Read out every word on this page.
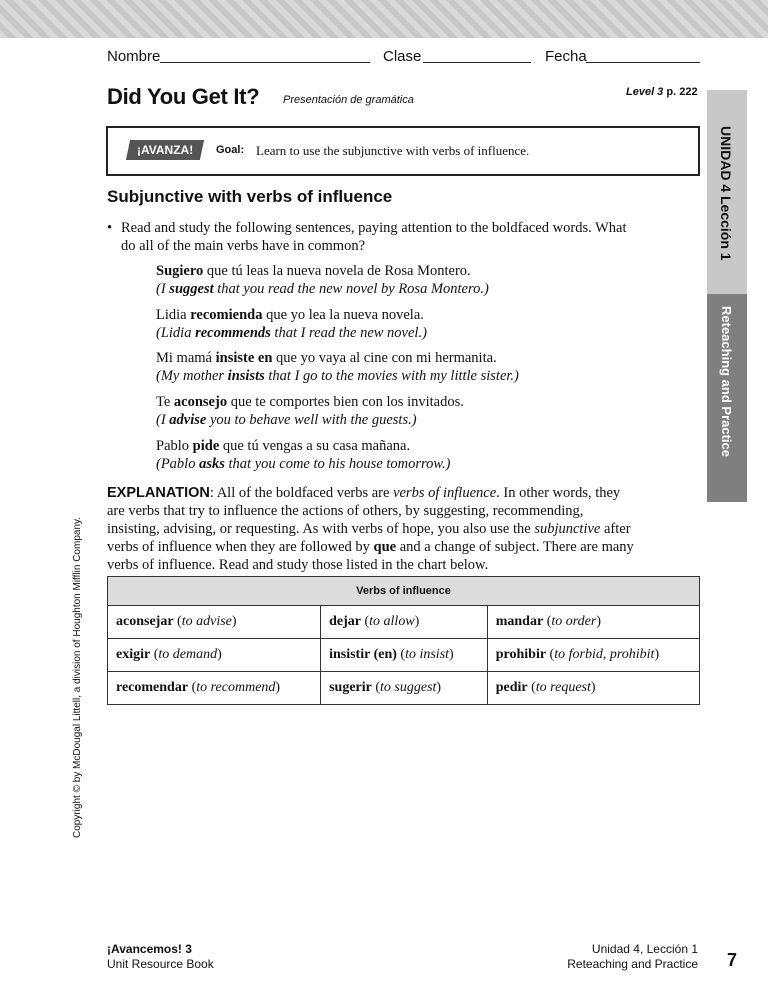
Nombre	Clase	Fecha
Did You Get It? Presentación de gramática
Level 3 p. 222
¡AVANZA!	Goal: Learn to use the subjunctive with verbs of influence.	UNIDAD 4 Lección 1
Reteaching and Practice
Subjunctive with verbs of influence
• Read and study the following sentences, paying attention to the boldfaced words. What do all of the main verbs have in common?
Sugiero que tú leas la nueva novela de Rosa Montero.
(I suggest that you read the new novel by Rosa Montero.)
Lidia recomienda que yo lea la nueva novela.
(Lidia recommends that I read the new novel.)
Mi mamá insiste en que yo vaya al cine con mi hermanita.
(My mother insists that I go to the movies with my little sister.)
Te aconsejo que te comportes bien con los invitados.
(I advise you to behave well with the guests.)
Pablo pide que tú vengas a su casa mañana.
(Pablo asks that you come to his house tomorrow.)
EXPLANATION: All of the boldfaced verbs are verbs of influence. In other words, they are verbs that try to influence the actions of others, by suggesting, recommending, insisting, advising, or requesting. As with verbs of hope, you also use the subjunctive after verbs of influence when they are followed by que and a change of subject. There are many verbs of influence. Read and study those listed in the chart below.
Copyright © by McDougal Littell, a division of Houghton Mifflin Company.	Verbs of influence		
aconsejar (to advise)	dejar (to allow)	mandar (to order)
exigir (to demand)	insistir (en) (to insist)	prohibir (to forbid, prohibit)
recomendar (to recommend)	sugerir (to suggest)	pedir (to request)
¡Avancemos! 3
Unit Resource Book
Unidad 4, Lección 1
Reteaching and Practice 7
